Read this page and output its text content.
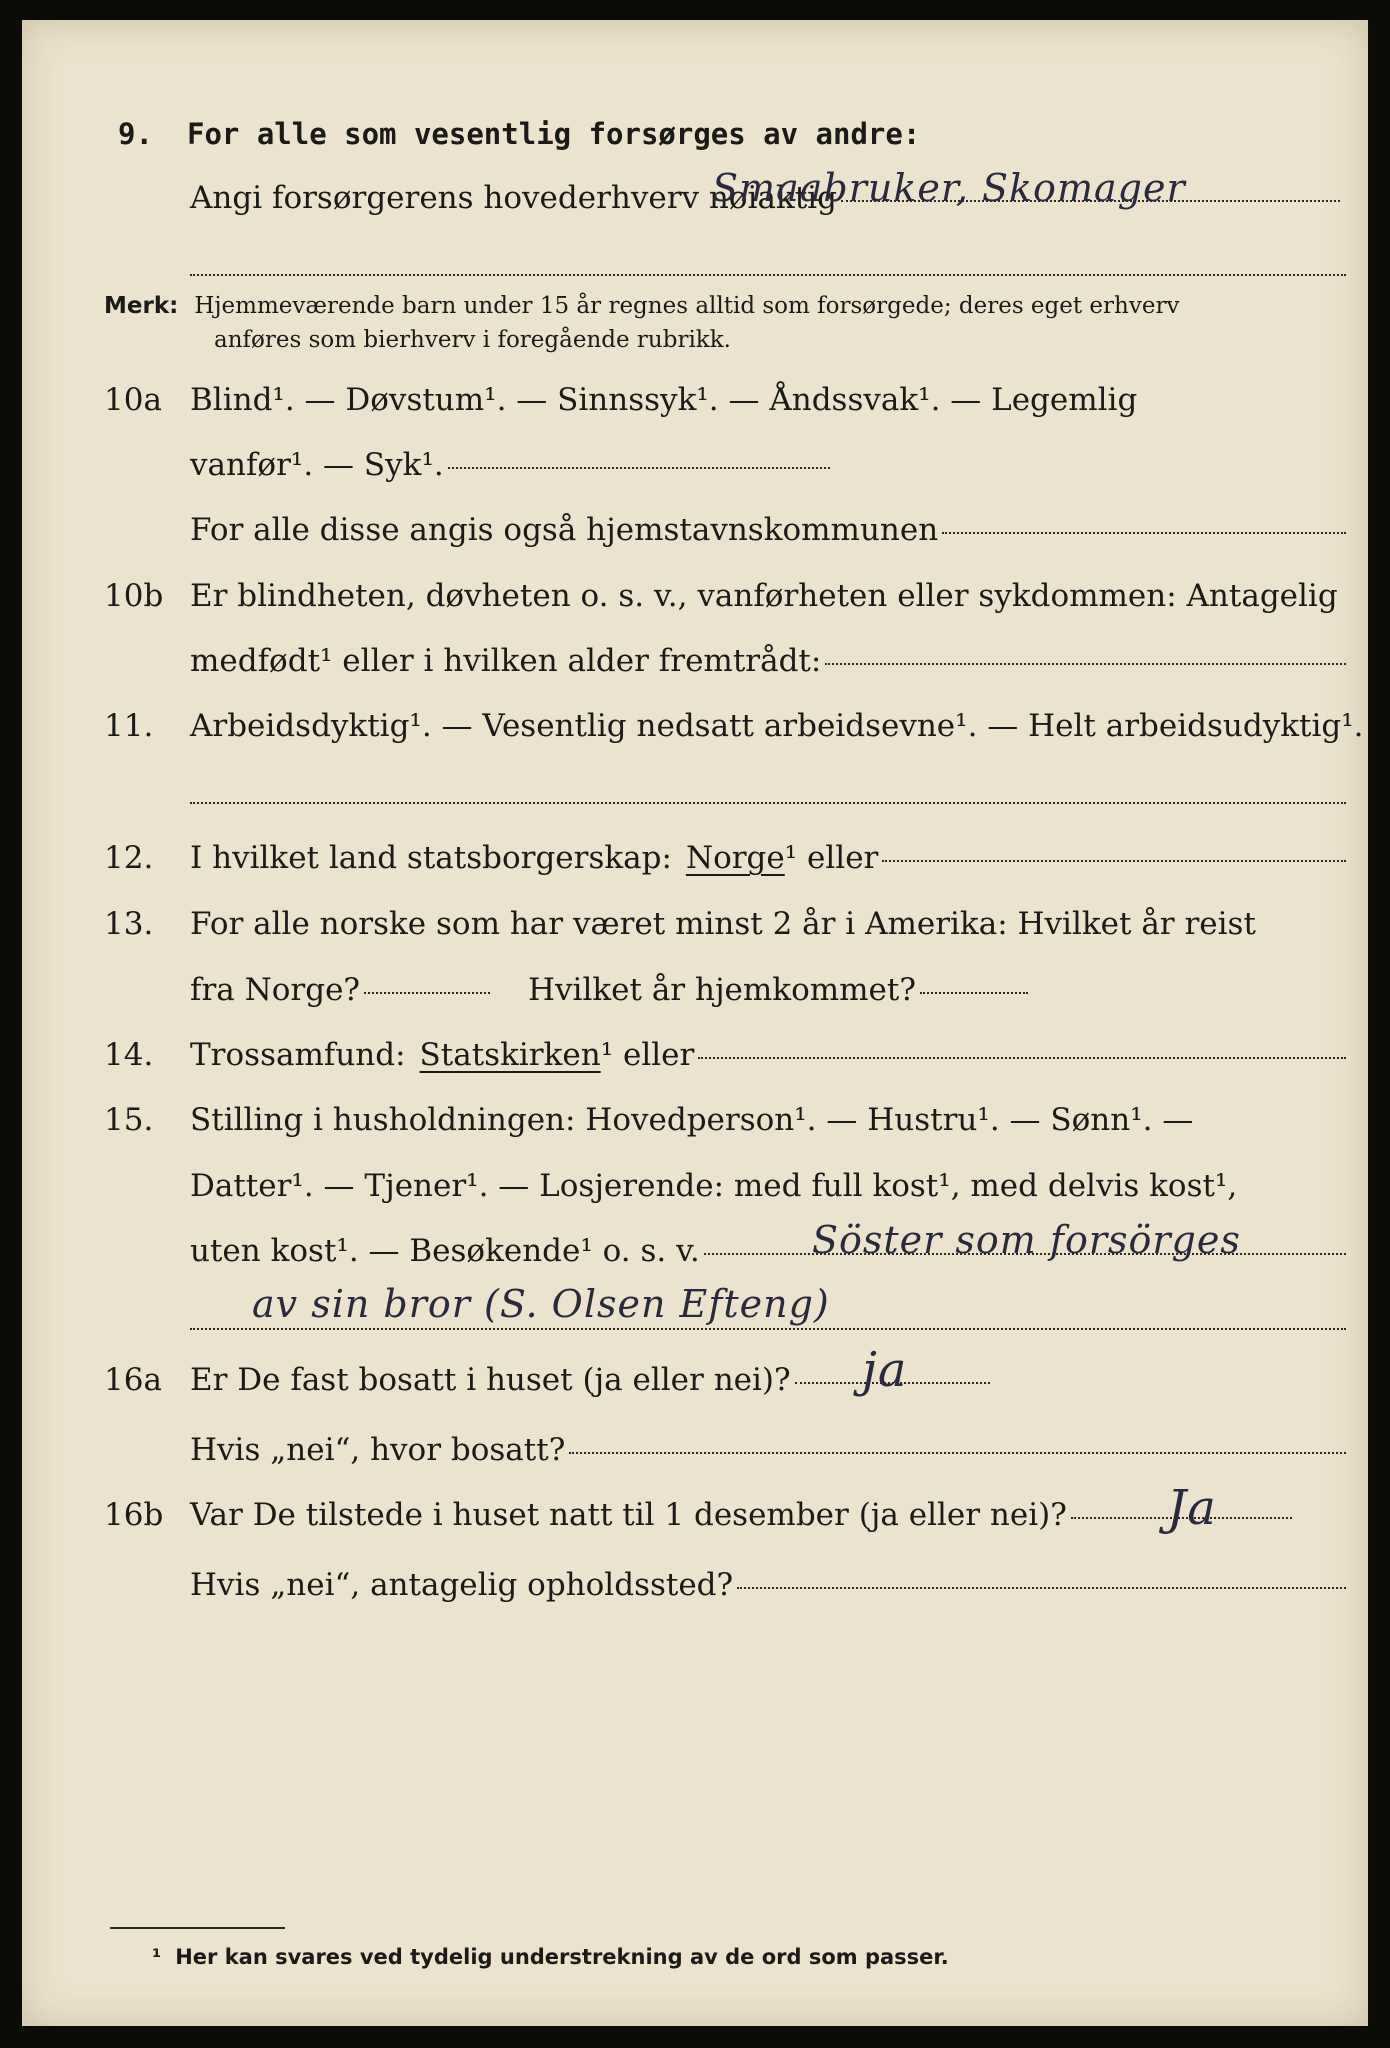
9. For alle som vesentlig forsørges av andre:
Angi forsørgerens hovederhverv nøiaktig
Smaabruker, Skomager
Merk: Hjemmeværende barn under 15 år regnes alltid som forsørgede; deres eget erhverv
anføres som bierhverv i foregående rubrikk.
10a Blind¹. — Døvstum¹. — Sinnssyk¹. — Åndssvak¹. — Legemlig
vanfør¹. — Syk¹.
For alle disse angis også hjemstavnskommunen
10b Er blindheten, døvheten o. s. v., vanførheten eller sykdommen: Antagelig
medfødt¹ eller i hvilken alder fremtrådt:
11. Arbeidsdyktig¹. — Vesentlig nedsatt arbeidsevne¹. — Helt arbeidsudyktig¹.
12. I hvilket land statsborgerskap: Norge ¹ eller
13. For alle norske som har været minst 2 år i Amerika: Hvilket år reist
fra Norge?	Hvilket år hjemkommet?
14. Trossamfund: Statskirken ¹ eller
15. Stilling i husholdningen: Hovedperson¹. — Hustru¹. — Sønn¹. —
Datter¹. — Tjener¹. — Losjerende: med full kost¹, med delvis kost¹,
uten kost¹. — Besøkende¹ o. s. v.	Söster som forsörges
av sin bror (S. Olsen Efteng)
16a Er De fast bosatt i huset (ja eller nei)? ja
Hvis „nei“, hvor bosatt?
16b Var De tilstede i huset natt til 1 desember (ja eller nei)? Ja
Hvis „nei“, antagelig opholdssted?
¹ Her kan svares ved tydelig understrekning av de ord som passer.
